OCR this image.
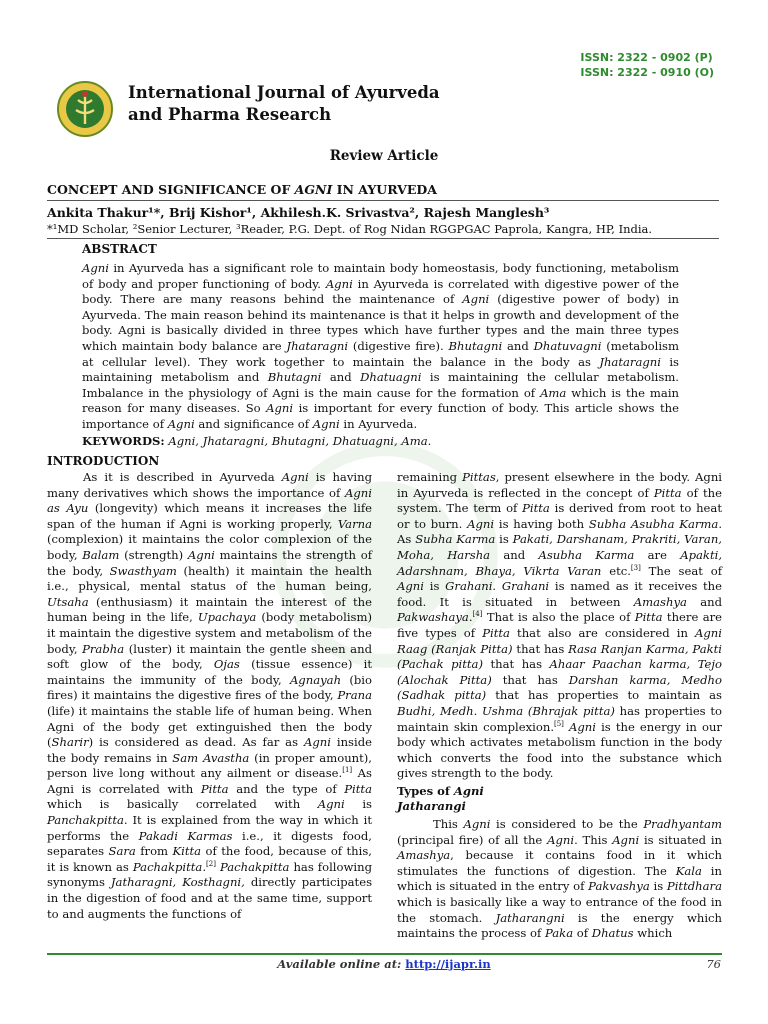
ISSN: 2322 - 0902 (P)
ISSN: 2322 - 0910 (O)
International Journal of Ayurveda
and Pharma Research
Review Article
CONCEPT AND SIGNIFICANCE OF AGNI IN AYURVEDA
Ankita Thakur¹*, Brij Kishor¹, Akhilesh.K. Srivastva², Rajesh Manglesh³
*¹MD Scholar, ²Senior Lecturer, ³Reader, P.G. Dept. of Rog Nidan RGGPGAC Paprola, Kangra, HP, India.
ABSTRACT

Agni in Ayurveda has a significant role to maintain body homeostasis, body functioning, metabolism of body and proper functioning of body. Agni in Ayurveda is correlated with digestive power of the body. There are many reasons behind the maintenance of Agni (digestive power of body) in Ayurveda. The main reason behind its maintenance is that it helps in growth and development of the body. Agni is basically divided in three types which have further types and the main three types which maintain body balance are Jhataragni (digestive fire). Bhutagni and Dhatuvagni (metabolism at cellular level). They work together to maintain the balance in the body as Jhataragni is maintaining metabolism and Bhutagni and Dhatuagni is maintaining the cellular metabolism. Imbalance in the physiology of Agni is the main cause for the formation of Ama which is the main reason for many diseases. So Agni is important for every function of body. This article shows the importance of Agni and significance of Agni in Ayurveda.

KEYWORDS: Agni, Jhataragni, Bhutagni, Dhatuagni, Ama.
INTRODUCTION

As it is described in Ayurveda Agni is having many derivatives which shows the importance of Agni as Ayu (longevity) which means it increases the life span of the human if Agni is working properly, Varna (complexion) it maintains the color complexion of the body, Balam (strength) Agni maintains the strength of the body, Swasthyam (health) it maintain the health i.e., physical, mental status of the human being, Utsaha (enthusiasm) it maintain the interest of the human being in the life, Upachaya (body metabolism) it maintain the digestive system and metabolism of the body, Prabha (luster) it maintain the gentle sheen and soft glow of the body, Ojas (tissue essence) it maintains the immunity of the body, Agnayah (bio fires) it maintains the digestive fires of the body, Prana (life) it maintains the stable life of human being. When Agni of the body get extinguished then the body (Sharir) is considered as dead. As far as Agni inside the body remains in Sam Avastha (in proper amount), person live long without any ailment or disease.[1] As Agni is correlated with Pitta and the type of Pitta which is basically correlated with Agni is Panchakpitta. It is explained from the way in which it performs the Pakadi Karmas i.e., it digests food, separates Sara from Kitta of the food, because of this, it is known as Pachakpitta.[2] Pachakpitta has following synonyms Jatharagni, Kosthagni, directly participates in the digestion of food and at the same time, support to and augments the functions of

remaining Pittas, present elsewhere in the body. Agni in Ayurveda is reflected in the concept of Pitta of the system. The term of Pitta is derived from root to heat or to burn. Agni is having both Subha Asubha Karma. As Subha Karma is Pakati, Darshanam, Prakriti, Varan, Moha, Harsha and Asubha Karma are Apakti, Adarshnam, Bhaya, Vikrta Varan etc.[3] The seat of Agni is Grahani. Grahani is named as it receives the food. It is situated in between Amashya and Pakwashaya.[4] That is also the place of Pitta there are five types of Pitta that also are considered in Agni Raag (Ranjak Pitta) that has Rasa Ranjan Karma, Pakti (Pachak pitta) that has Ahaar Paachan karma, Tejo (Alochak Pitta) that has Darshan karma, Medho (Sadhak pitta) that has properties to maintain as Budhi, Medh. Ushma (Bhrajak pitta) has properties to maintain skin complexion.[5] Agni is the energy in our body which activates metabolism function in the body which converts the food into the substance which gives strength to the body.

Types of Agni

Jatharangi

This Agni is considered to be the Pradhyantam (principal fire) of all the Agni. This Agni is situated in Amashya, because it contains food in it which stimulates the functions of digestion. The Kala in which is situated in the entry of Pakvashya is Pittdhara which is basically like a way to entrance of the food in the stomach. Jatharangni is the energy which maintains the process of Paka of Dhatus which

Available online at: http://ijapr.in	76
